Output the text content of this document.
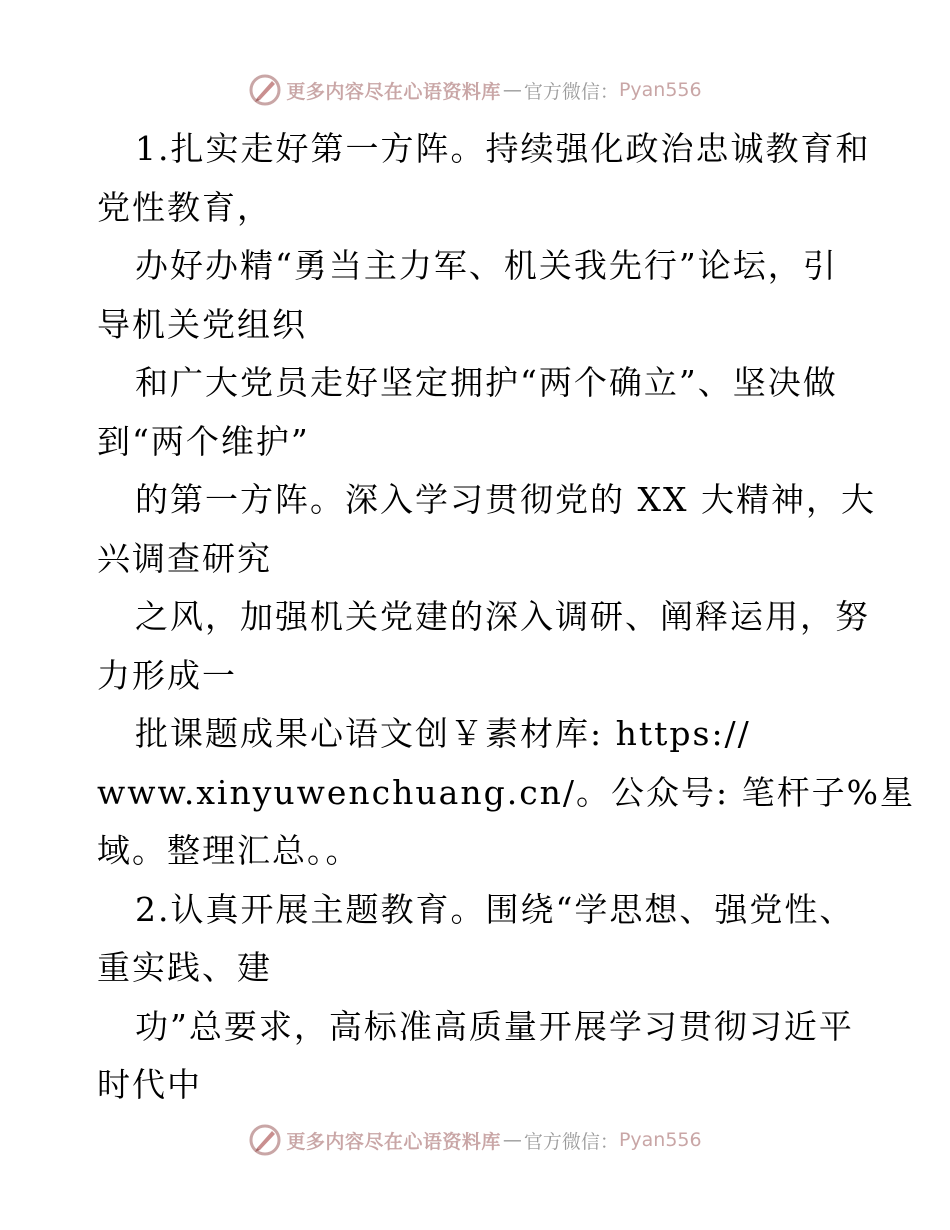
更多内容尽在心语资料库 — 官方微信： Pyan556
1.扎实走好第一方阵。持续强化政治忠诚教育和
党性教育，
办好办精“勇当主力军、机关我先行”论坛，引
导机关党组织
和广大党员走好坚定拥护“两个确立”、坚决做
到“两个维护”
的第一方阵。深入学习贯彻党的 XX 大精神，大
兴调查研究
之风，加强机关党建的深入调研、阐释运用，努
力形成一
批课题成果心语文创￥素材库: https://
www.xinyuwenchuang.cn/。公众号: 笔杆子%星
域。整理汇总。。
2.认真开展主题教育。围绕“学思想、强党性、
重实践、建
功”总要求，高标准高质量开展学习贯彻习近平
时代中
更多内容尽在心语资料库 — 官方微信： Pyan556
